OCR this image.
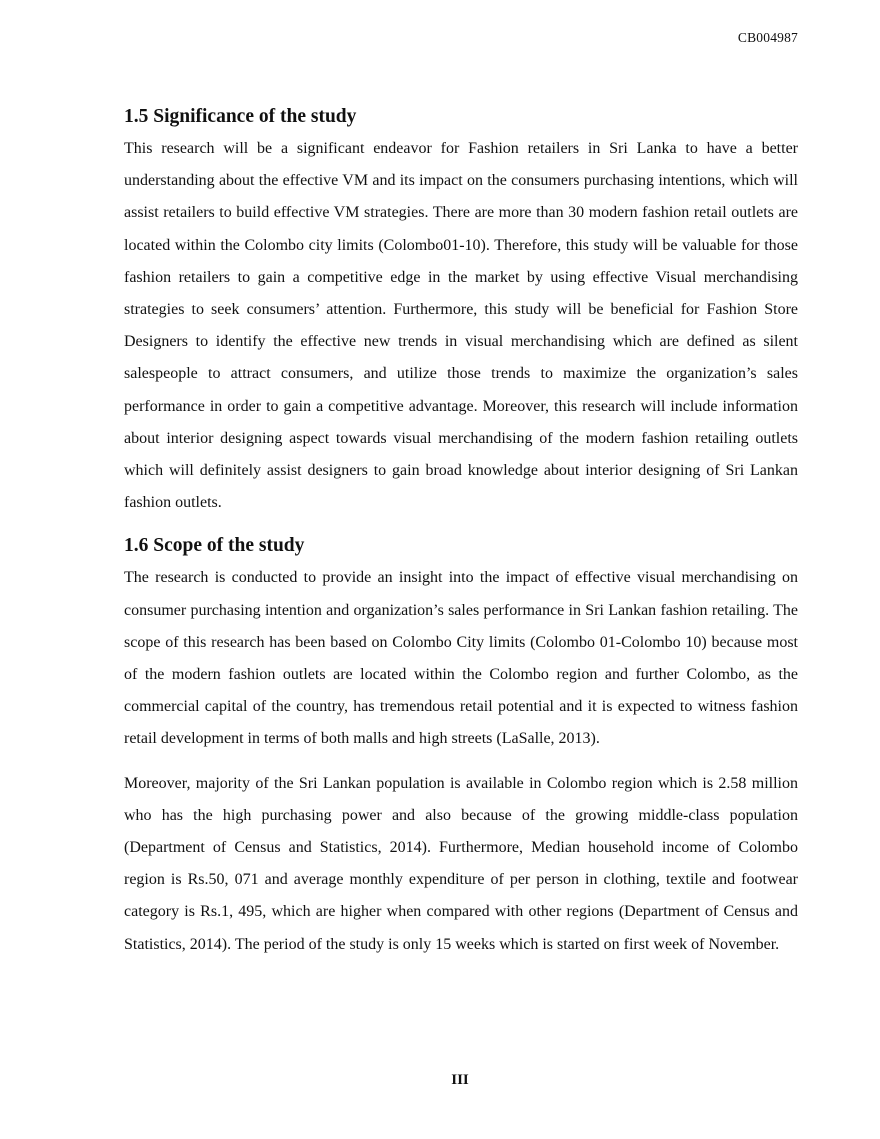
CB004987
1.5 Significance of the study

This research will be a significant endeavor for Fashion retailers in Sri Lanka to have a better understanding about the effective VM and its impact on the consumers purchasing intentions, which will assist retailers to build effective VM strategies. There are more than 30 modern fashion retail outlets are located within the Colombo city limits (Colombo01-10). Therefore, this study will be valuable for those fashion retailers to gain a competitive edge in the market by using effective Visual merchandising strategies to seek consumers’ attention. Furthermore, this study will be beneficial for Fashion Store Designers to identify the effective new trends in visual merchandising which are defined as silent salespeople to attract consumers, and utilize those trends to maximize the organization’s sales performance in order to gain a competitive advantage. Moreover, this research will include information about interior designing aspect towards visual merchandising of the modern fashion retailing outlets which will definitely assist designers to gain broad knowledge about interior designing of Sri Lankan fashion outlets.

1.6 Scope of the study

The research is conducted to provide an insight into the impact of effective visual merchandising on consumer purchasing intention and organization’s sales performance in Sri Lankan fashion retailing. The scope of this research has been based on Colombo City limits (Colombo 01-Colombo 10) because most of the modern fashion outlets are located within the Colombo region and further Colombo, as the commercial capital of the country, has tremendous retail potential and it is expected to witness fashion retail development in terms of both malls and high streets (LaSalle, 2013).

Moreover, majority of the Sri Lankan population is available in Colombo region which is 2.58 million who has the high purchasing power and also because of the growing middle-class population (Department of Census and Statistics, 2014). Furthermore, Median household income of Colombo region is Rs.50, 071 and average monthly expenditure of per person in clothing, textile and footwear category is Rs.1, 495, which are higher when compared with other regions (Department of Census and Statistics, 2014). The period of the study is only 15 weeks which is started on first week of November.

III
